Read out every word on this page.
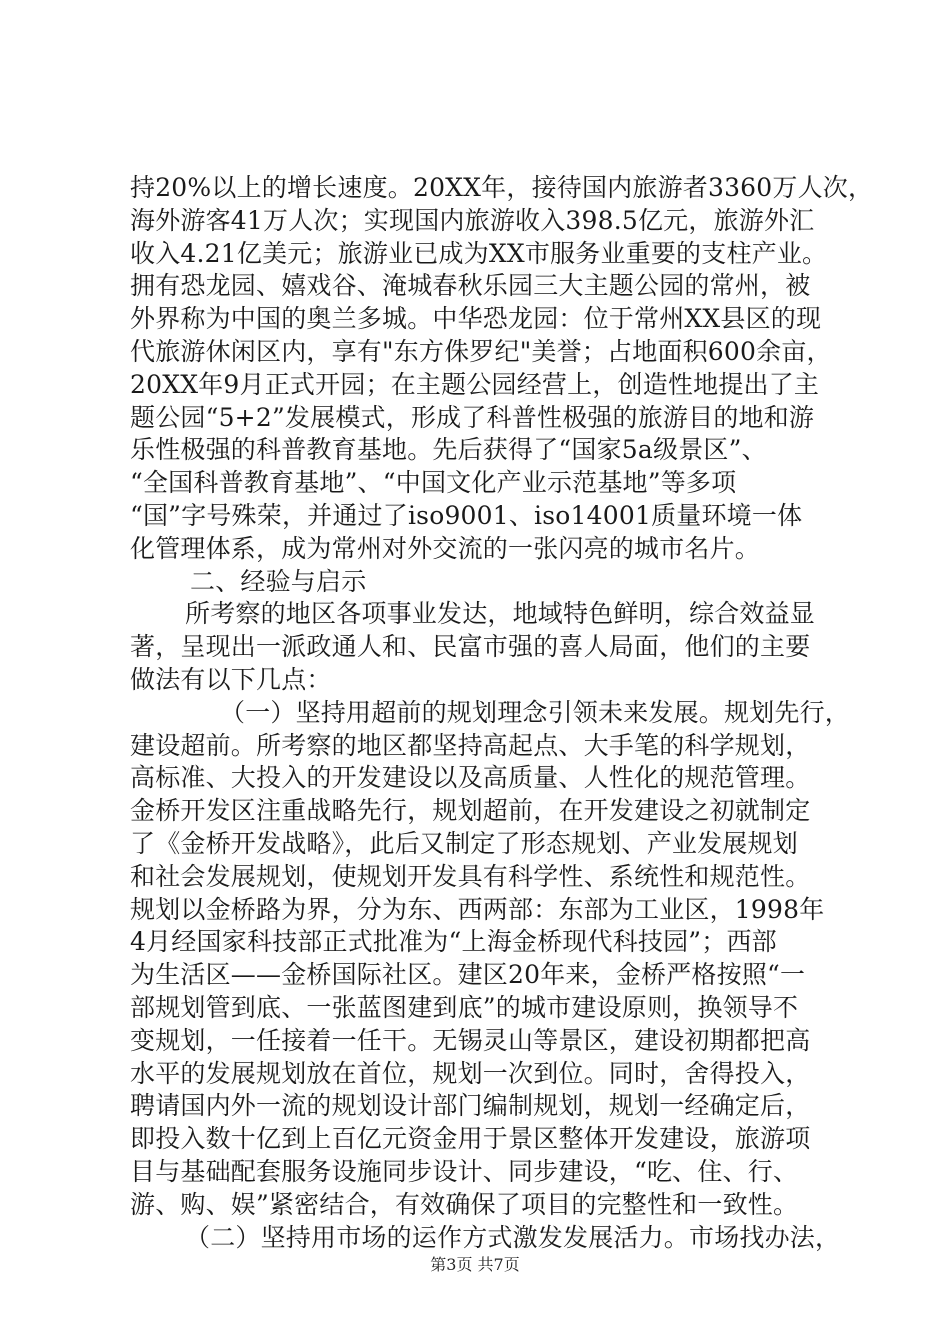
持20%以上的增长速度。20XX年，接待国内旅游者3360万人次，
海外游客41万人次；实现国内旅游收入398.5亿元，旅游外汇
收入4.21亿美元；旅游业已成为XX市服务业重要的支柱产业。
拥有恐龙园、嬉戏谷、淹城春秋乐园三大主题公园的常州，被
外界称为中国的奥兰多城。中华恐龙园：位于常州XX县区的现
代旅游休闲区内，享有"东方侏罗纪"美誉；占地面积600余亩，
20XX年9月正式开园；在主题公园经营上，创造性地提出了主
题公园“5+2”发展模式，形成了科普性极强的旅游目的地和游
乐性极强的科普教育基地。先后获得了“国家5a级景区”、
“全国科普教育基地”、“中国文化产业示范基地”等多项
“国”字号殊荣，并通过了iso9001、iso14001质量环境一体
化管理体系，成为常州对外交流的一张闪亮的城市名片。
二、经验与启示
所考察的地区各项事业发达，地域特色鲜明，综合效益显
著，呈现出一派政通人和、民富市强的喜人局面，他们的主要
做法有以下几点：
（一）坚持用超前的规划理念引领未来发展。规划先行，
建设超前。所考察的地区都坚持高起点、大手笔的科学规划，
高标准、大投入的开发建设以及高质量、人性化的规范管理。
金桥开发区注重战略先行，规划超前，在开发建设之初就制定
了《金桥开发战略》，此后又制定了形态规划、产业发展规划
和社会发展规划，使规划开发具有科学性、系统性和规范性。
规划以金桥路为界，分为东、西两部：东部为工业区，1998年
4月经国家科技部正式批准为“上海金桥现代科技园”；西部
为生活区——金桥国际社区。建区20年来，金桥严格按照“一
部规划管到底、一张蓝图建到底”的城市建设原则，换领导不
变规划，一任接着一任干。无锡灵山等景区，建设初期都把高
水平的发展规划放在首位，规划一次到位。同时，舍得投入，
聘请国内外一流的规划设计部门编制规划，规划一经确定后，
即投入数十亿到上百亿元资金用于景区整体开发建设，旅游项
目与基础配套服务设施同步设计、同步建设，“吃、住、行、
游、购、娱”紧密结合，有效确保了项目的完整性和一致性。
（二）坚持用市场的运作方式激发发展活力。市场找办法，
第3页 共7页
